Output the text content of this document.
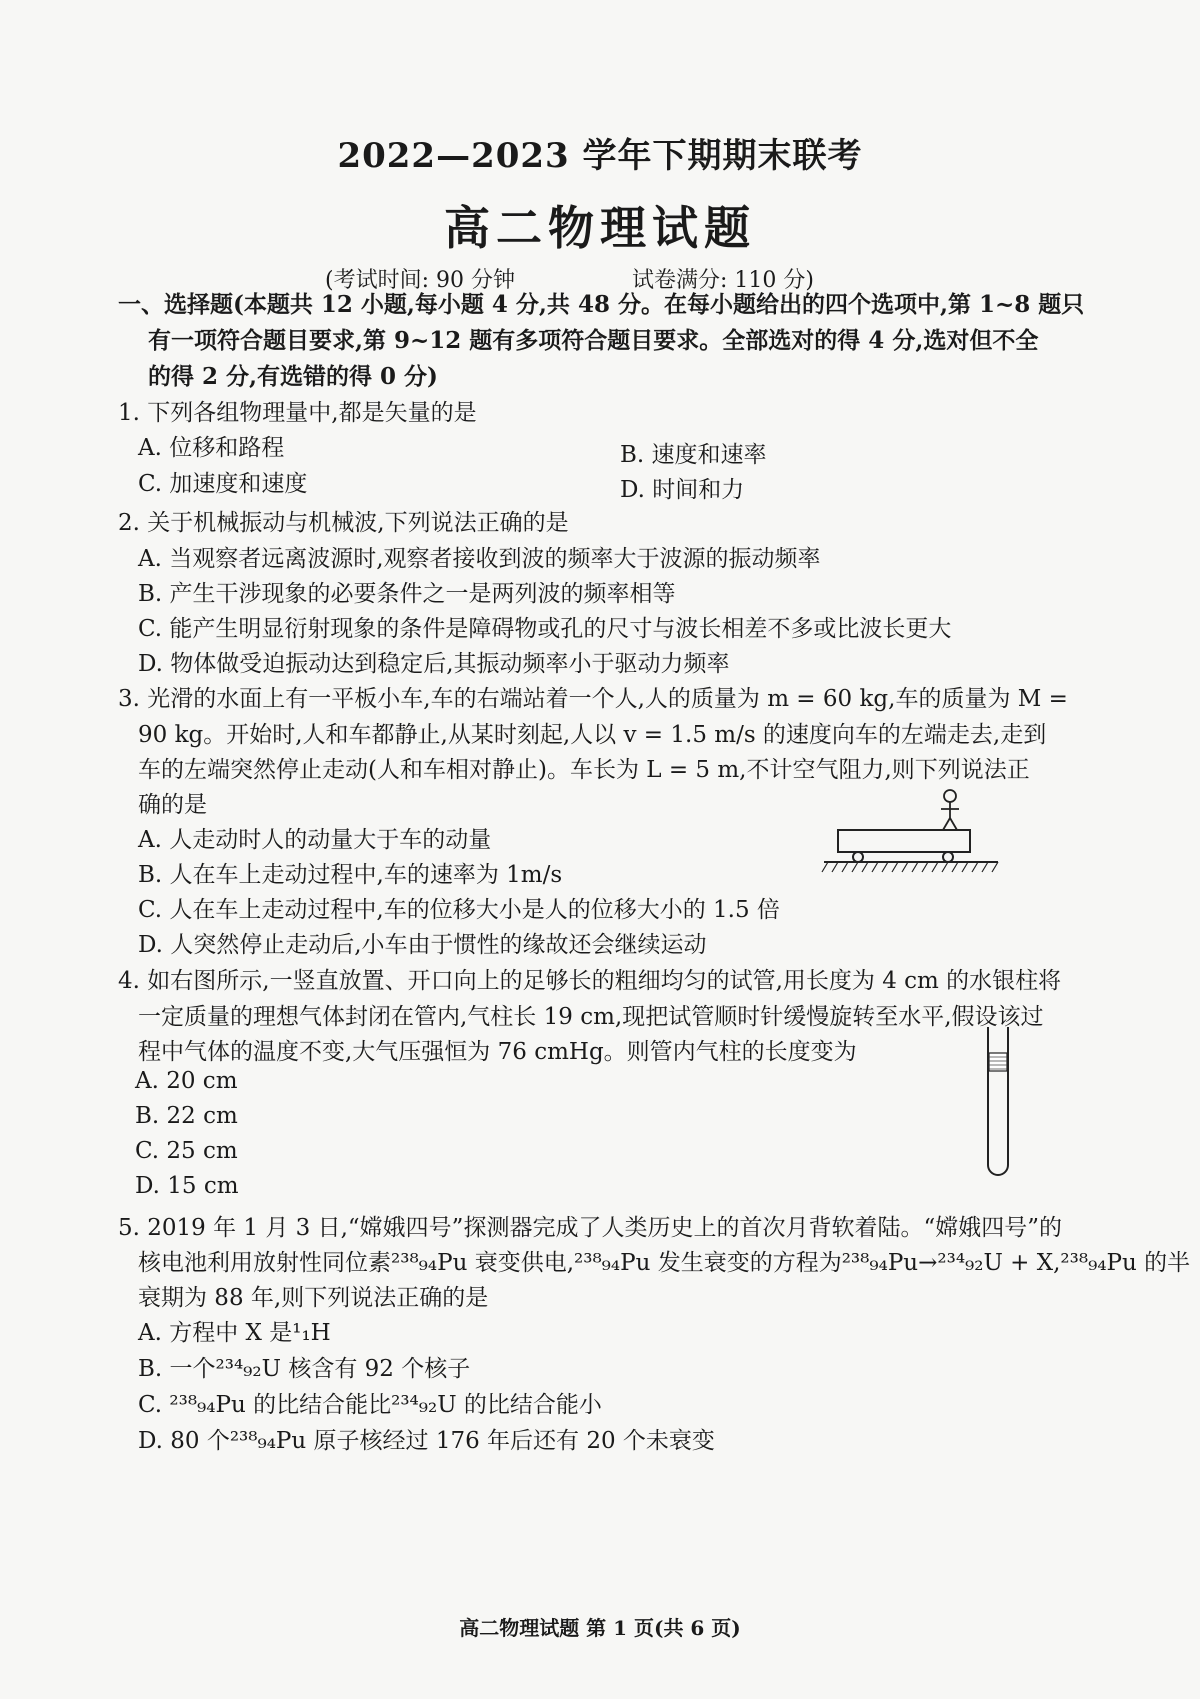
2022—2023 学年下期期末联考
高二物理试题
(考试时间: 90 分钟	试卷满分: 110 分)
一、选择题(本题共 12 小题,每小题 4 分,共 48 分。在每小题给出的四个选项中,第 1~8 题只
有一项符合题目要求,第 9~12 题有多项符合题目要求。全部选对的得 4 分,选对但不全
的得 2 分,有选错的得 0 分)
1. 下列各组物理量中,都是矢量的是
A. 位移和路程	B. 速度和速率
C. 加速度和速度	D. 时间和力
2. 关于机械振动与机械波,下列说法正确的是
A. 当观察者远离波源时,观察者接收到波的频率大于波源的振动频率
B. 产生干涉现象的必要条件之一是两列波的频率相等
C. 能产生明显衍射现象的条件是障碍物或孔的尺寸与波长相差不多或比波长更大
D. 物体做受迫振动达到稳定后,其振动频率小于驱动力频率
3. 光滑的水面上有一平板小车,车的右端站着一个人,人的质量为 m = 60 kg,车的质量为 M =
90 kg。开始时,人和车都静止,从某时刻起,人以 v = 1.5 m/s 的速度向车的左端走去,走到
车的左端突然停止走动(人和车相对静止)。车长为 L = 5 m,不计空气阻力,则下列说法正
确的是
A. 人走动时人的动量大于车的动量
B. 人在车上走动过程中,车的速率为 1m/s
C. 人在车上走动过程中,车的位移大小是人的位移大小的 1.5 倍
D. 人突然停止走动后,小车由于惯性的缘故还会继续运动
4. 如右图所示,一竖直放置、开口向上的足够长的粗细均匀的试管,用长度为 4 cm 的水银柱将
一定质量的理想气体封闭在管内,气柱长 19 cm,现把试管顺时针缓慢旋转至水平,假设该过
程中气体的温度不变,大气压强恒为 76 cmHg。则管内气柱的长度变为
A. 20 cm
B. 22 cm
C. 25 cm
D. 15 cm
5. 2019 年 1 月 3 日,“嫦娥四号”探测器完成了人类历史上的首次月背软着陆。“嫦娥四号”的
核电池利用放射性同位素²³⁸₉₄Pu 衰变供电,²³⁸₉₄Pu 发生衰变的方程为²³⁸₉₄Pu→²³⁴₉₂U + X,²³⁸₉₄Pu 的半
衰期为 88 年,则下列说法正确的是
A. 方程中 X 是¹₁H
B. 一个²³⁴₉₂U 核含有 92 个核子
C. ²³⁸₉₄Pu 的比结合能比²³⁴₉₂U 的比结合能小
D. 80 个²³⁸₉₄Pu 原子核经过 176 年后还有 20 个未衰变
高二物理试题 第 1 页(共 6 页)
